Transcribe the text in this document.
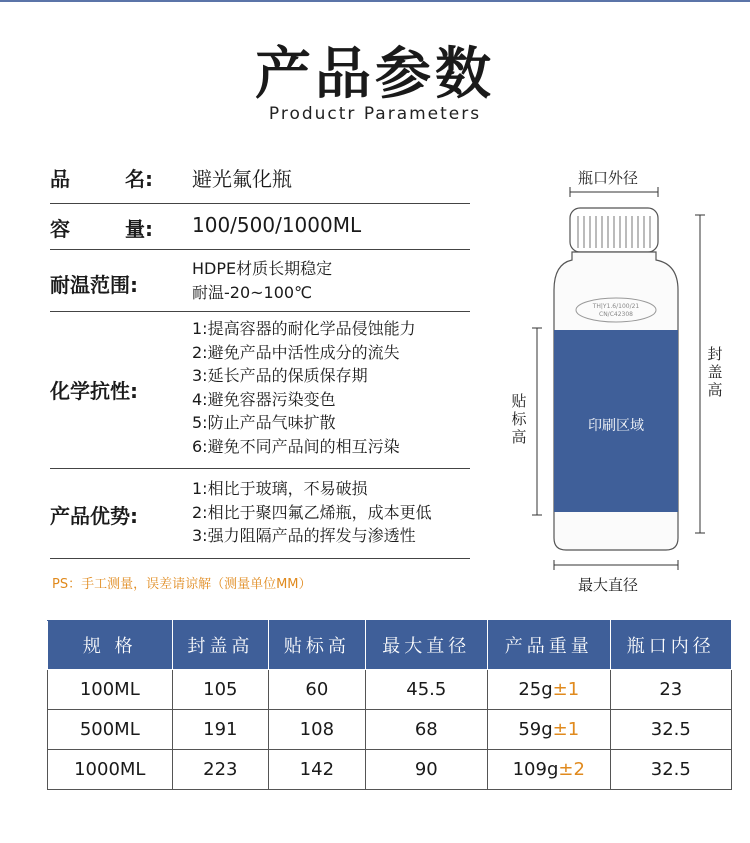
产品参数
Productr Parameters
品 名: 避光氟化瓶
容 量: 100/500/1000ML
耐温范围:
HDPE材质长期稳定
耐温-20~100℃
化学抗性:
1:提高容器的耐化学品侵蚀能力
2:避免产品中活性成分的流失
3:延长产品的保质保存期
4:避免容器污染变色
5:防止产品气味扩散
6:避免不同产品间的相互污染
产品优势:
1:相比于玻璃，不易破损
2:相比于聚四氟乙烯瓶，成本更低
3:强力阻隔产品的挥发与渗透性
PS：手工测量，误差请谅解（测量单位MM）
TH|Y1.6/100/21
CN/C42308
印刷区域
瓶口外径
封盖高
贴标高
最大直径
规 格	封盖高	贴标高	最大直径	产品重量	瓶口内径
100ML	105	60	45.5	25g±1	23
500ML	191	108	68	59g±1	32.5
1000ML	223	142	90	109g±2	32.5
